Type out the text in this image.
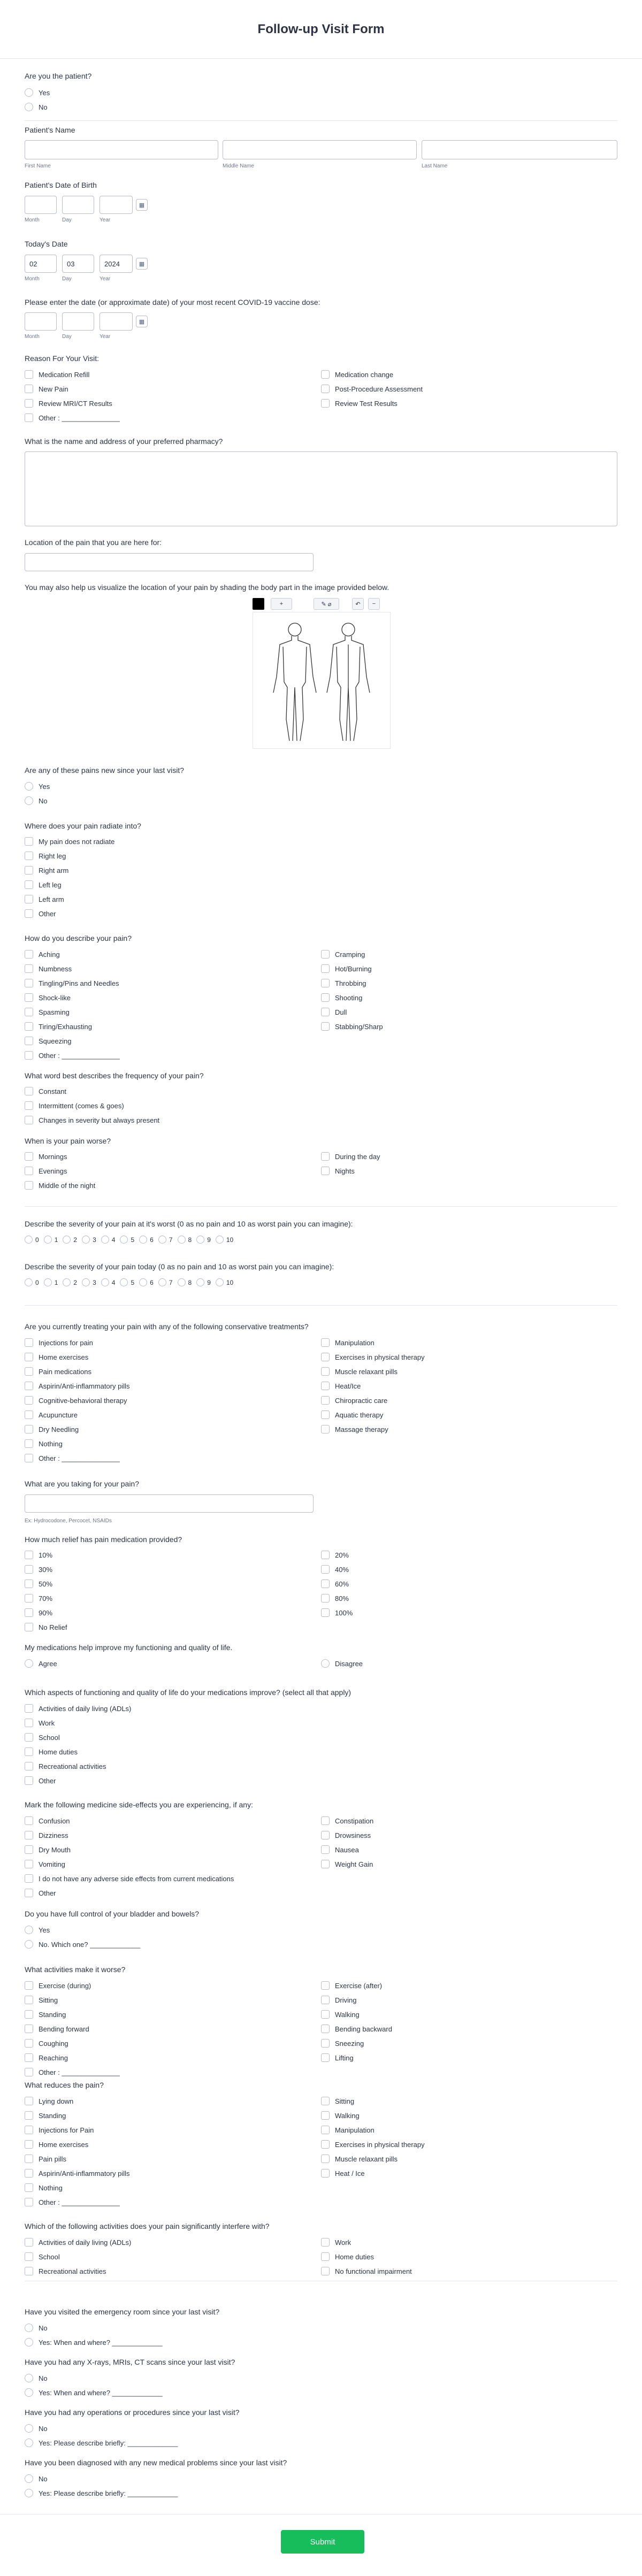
Follow-up Visit Form
Are you the patient?
Yes
No
Patient's Name
First Name	Middle Name	Last Name
Patient's Date of Birth
▦
Month	Day	Year
Today's Date
02	03	2024	▦
Month	Day	Year
Please enter the date (or approximate date) of your most recent COVID-19 vaccine dose:
▦
Month	Day	Year
Reason For Your Visit:
Medication Refill
New Pain
Review MRI/CT Results
Other : _______________
Medication change
Post-Procedure Assessment
Review Test Results
What is the name and address of your preferred pharmacy?
Location of the pain that you are here for:
You may also help us visualize the location of your pain by shading the body part in the image provided below.
+	✎ ⌀	↶	−
Are any of these pains new since your last visit?
Yes
No
Where does your pain radiate into?
My pain does not radiate
Right leg
Right arm
Left leg
Left arm
Other
How do you describe your pain?
Aching
Numbness
Tingling/Pins and Needles
Shock-like
Spasming
Tiring/Exhausting
Squeezing
Other : _______________
Cramping
Hot/Burning
Throbbing
Shooting
Dull
Stabbing/Sharp
What word best describes the frequency of your pain?
Constant
Intermittent (comes & goes)
Changes in severity but always present
When is your pain worse?
Mornings
Evenings
Middle of the night
During the day
Nights
Describe the severity of your pain at it's worst (0 as no pain and 10 as worst pain you can imagine):
0 1 2 3 4 5 6 7 8 9 10
Describe the severity of your pain today (0 as no pain and 10 as worst pain you can imagine):
0 1 2 3 4 5 6 7 8 9 10
Are you currently treating your pain with any of the following conservative treatments?
Injections for pain
Home exercises
Pain medications
Aspirin/Anti-inflammatory pills
Cognitive-behavioral therapy
Acupuncture
Dry Needling
Nothing
Other : _______________
Manipulation
Exercises in physical therapy
Muscle relaxant pills
Heat/Ice
Chiropractic care
Aquatic therapy
Massage therapy
What are you taking for your pain?
Ex: Hydrocodone, Percocet, NSAIDs
How much relief has pain medication provided?
10%
30%
50%
70%
90%
No Relief
20%
40%
60%
80%
100%
My medications help improve my functioning and quality of life.
Agree	Disagree
Which aspects of functioning and quality of life do your medications improve? (select all that apply)
Activities of daily living (ADLs)
Work
School
Home duties
Recreational activities
Other
Mark the following medicine side-effects you are experiencing, if any:
Confusion
Dizziness
Dry Mouth
Vomiting
I do not have any adverse side effects from current medications
Other
Constipation
Drowsiness
Nausea
Weight Gain
Do you have full control of your bladder and bowels?
Yes
No. Which one? _____________
What activities make it worse?
Exercise (during)
Sitting
Standing
Bending forward
Coughing
Reaching
Other : _______________
Exercise (after)
Driving
Walking
Bending backward
Sneezing
Lifting
What reduces the pain?
Lying down
Standing
Injections for Pain
Home exercises
Pain pills
Aspirin/Anti-inflammatory pills
Nothing
Other : _______________
Sitting
Walking
Manipulation
Exercises in physical therapy
Muscle relaxant pills
Heat / Ice
Which of the following activities does your pain significantly interfere with?
Activities of daily living (ADLs)
School
Recreational activities
Work
Home duties
No functional impairment
Have you visited the emergency room since your last visit?
No
Yes: When and where? _____________
Have you had any X-rays, MRIs, CT scans since your last visit?
No
Yes: When and where? _____________
Have you had any operations or procedures since your last visit?
No
Yes: Please describe briefly: _____________
Have you been diagnosed with any new medical problems since your last visit?
No
Yes: Please describe briefly: _____________
Submit
